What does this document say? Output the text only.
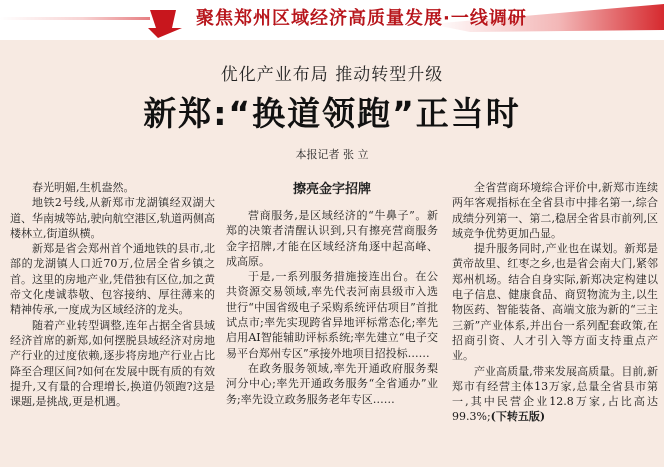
聚焦郑州区域经济高质量发展·一线调研
优化产业布局 推动转型升级
新郑:“换道领跑”正当时
本报记者 张 立

春光明媚,生机盎然。

地铁2号线,从新郑市龙湖镇经双湖大道、华南城等站,驶向航空港区,轨道两侧高楼林立,街道纵横。

新郑是省会郑州首个通地铁的县市,北部的龙湖镇人口近70万,位居全省乡镇之首。这里的房地产业,凭借独有区位,加之黄帝文化虔诚恭敬、包容接纳、厚往薄来的精神传承,一度成为区域经济的龙头。

随着产业转型调整,连年占据全省县域经济首席的新郑,如何摆脱县域经济对房地产行业的过度依赖,逐步将房地产行业占比降至合理区间?如何在发展中既有质的有效提升,又有量的合理增长,换道仍领跑?这是课题,是挑战,更是机遇。

擦亮金字招牌

营商服务,是区域经济的“牛鼻子”。新郑的决策者清醒认识到,只有擦亮营商服务金字招牌,才能在区域经济角逐中起高峰、成高原。

于是,一系列服务措施接连出台。在公共资源交易领域,率先代表河南县级市入选世行“中国省级电子采购系统评估项目”首批试点市;率先实现跨省异地评标常态化;率先启用AI智能辅助评标系统;率先建立“电子交易平台郑州专区”承接外地项目招投标……

在政务服务领域,率先开通政府服务梨河分中心;率先开通政务服务“全省通办”业务;率先设立政务服务老年专区……

全省营商环境综合评价中,新郑市连续两年客观指标在全省县市中排名第一,综合成绩分列第一、第二,稳居全省县市前列,区域竞争优势更加凸显。

提升服务同时,产业也在谋划。新郑是黄帝故里、红枣之乡,也是省会南大门,紧邻郑州机场。结合自身实际,新郑决定构建以电子信息、健康食品、商贸物流为主,以生物医药、智能装备、高端文旅为新的“三主三新”产业体系,并出台一系列配套政策,在招商引资、人才引入等方面支持重点产业。

产业高质量,带来发展高质量。目前,新郑市有经营主体13万家,总量全省县市第一,其中民营企业12.8万家,占比高达99.3%;(下转五版)
